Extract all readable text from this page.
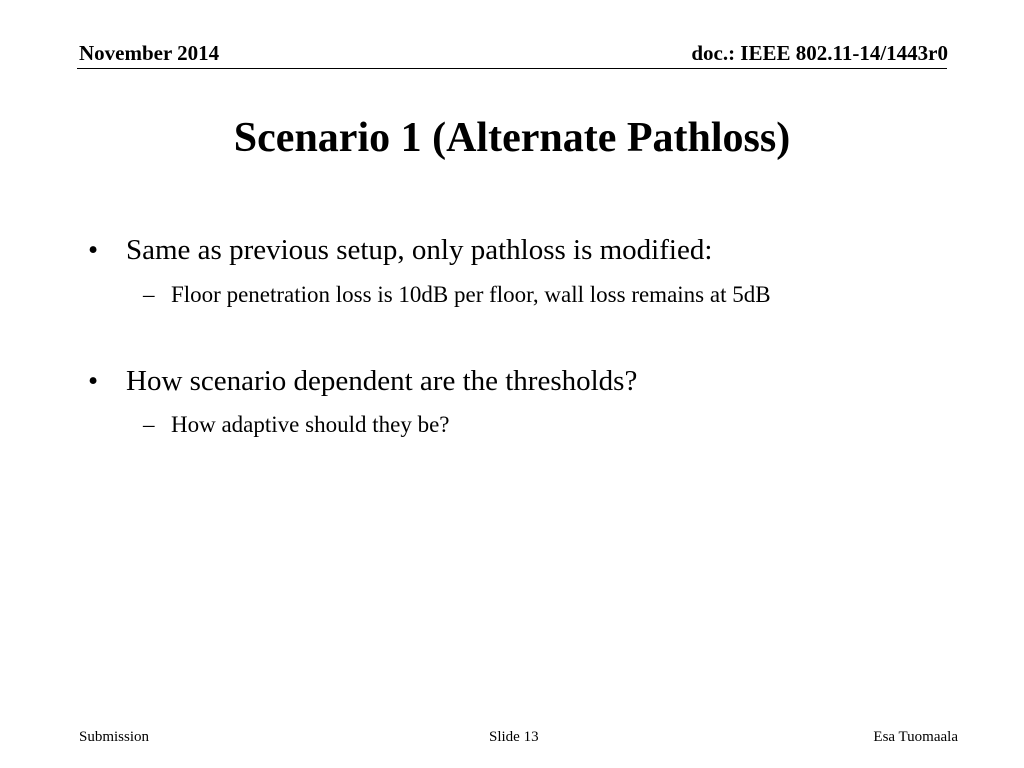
November 2014	doc.: IEEE 802.11-14/1443r0
Scenario 1 (Alternate Pathloss)
• Same as previous setup, only pathloss is modified:
– Floor penetration loss is 10dB per floor, wall loss remains at 5dB
• How scenario dependent are the thresholds?
– How adaptive should they be?
Submission	Slide 13	Esa Tuomaala
